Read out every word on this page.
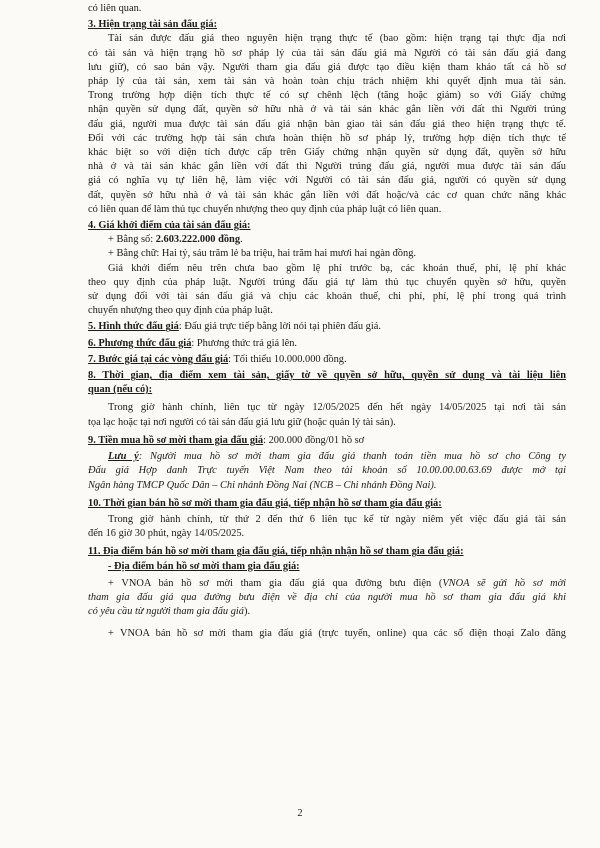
có liên quan.

3. Hiện trạng tài sản đấu giá:

Tài sản được đấu giá theo nguyên hiện trạng thực tế (bao gồm: hiện trạng tại thực địa nơi

có tài sản và hiện trạng hồ sơ pháp lý của tài sản đấu giá mà Người có tài sản đấu giá đang

lưu giữ), có sao bán vậy. Người tham gia đấu giá được tạo điều kiện tham khảo tất cả hồ sơ

pháp lý của tài sản, xem tài sản và hoàn toàn chịu trách nhiệm khi quyết định mua tài sản.

Trong trường hợp diện tích thực tế có sự chênh lệch (tăng hoặc giảm) so với Giấy chứng

nhận quyền sử dụng đất, quyền sở hữu nhà ở và tài sản khác gắn liền với đất thì Người trúng

đấu giá, người mua được tài sản đấu giá nhận bàn giao tài sản đấu giá theo hiện trạng thực tế.

Đối với các trường hợp tài sản chưa hoàn thiện hồ sơ pháp lý, trường hợp diện tích thực tế

khác biệt so với diện tích được cấp trên Giấy chứng nhận quyền sử dụng đất, quyền sở hữu

nhà ở và tài sản khác gắn liền với đất thì Người trúng đấu giá, người mua được tài sản đấu

giá có nghĩa vụ tự liên hệ, làm việc với Người có tài sản đấu giá, người có quyền sử dụng

đất, quyền sở hữu nhà ở và tài sản khác gắn liền với đất hoặc/và các cơ quan chức năng khác

có liên quan để làm thủ tục chuyển nhượng theo quy định của pháp luật có liên quan.

4. Giá khởi điểm của tài sản đấu giá:

+ Bằng số: 2.603.222.000 đồng.

+ Bằng chữ: Hai tỷ, sáu trăm lẻ ba triệu, hai trăm hai mươi hai ngàn đồng.

Giá khởi điểm nêu trên chưa bao gồm lệ phí trước bạ, các khoản thuế, phí, lệ phí khác

theo quy định của pháp luật. Người trúng đấu giá tự làm thủ tục chuyển quyền sở hữu, quyền

sử dụng đối với tài sản đấu giá và chịu các khoản thuế, chi phí, phí, lệ phí trong quá trình

chuyển nhượng theo quy định của pháp luật.

5. Hình thức đấu giá: Đấu giá trực tiếp bằng lời nói tại phiên đấu giá.

6. Phương thức đấu giá: Phương thức trả giá lên.

7. Bước giá tại các vòng đấu giá: Tối thiểu 10.000.000 đồng.

8. Thời gian, địa điểm xem tài sản, giấy tờ về quyền sở hữu, quyền sử dụng và tài liệu liên

quan (nếu có):

Trong giờ hành chính, liên tục từ ngày 12/05/2025 đến hết ngày 14/05/2025 tại nơi tài sản

tọa lạc hoặc tại nơi người có tài sản đấu giá lưu giữ (hoặc quản lý tài sản).

9. Tiền mua hồ sơ mời tham gia đấu giá: 200.000 đồng/01 hồ sơ

Lưu ý: Người mua hồ sơ mời tham gia đấu giá thanh toán tiền mua hồ sơ cho Công ty

Đấu giá Hợp danh Trực tuyến Việt Nam theo tài khoản số 10.00.00.00.63.69 được mở tại

Ngân hàng TMCP Quốc Dân – Chi nhánh Đồng Nai (NCB – Chi nhánh Đồng Nai).

10. Thời gian bán hồ sơ mời tham gia đấu giá, tiếp nhận hồ sơ tham gia đấu giá:

Trong giờ hành chính, từ thứ 2 đến thứ 6 liên tục kể từ ngày niêm yết việc đấu giá tài sản

đến 16 giờ 30 phút, ngày 14/05/2025.

11. Địa điểm bán hồ sơ mời tham gia đấu giá, tiếp nhận nhận hồ sơ tham gia đấu giá:

- Địa điểm bán hồ sơ mời tham gia đấu giá:

+ VNOA bán hồ sơ mời tham gia đấu giá qua đường bưu điện (VNOA sẽ gửi hồ sơ mời

tham gia đấu giá qua đường bưu điện về địa chỉ của người mua hồ sơ tham gia đấu giá khi

có yêu cầu từ người tham gia đấu giá).

+ VNOA bán hồ sơ mời tham gia đấu giá (trực tuyến, online) qua các số điện thoại Zalo đăng

2
